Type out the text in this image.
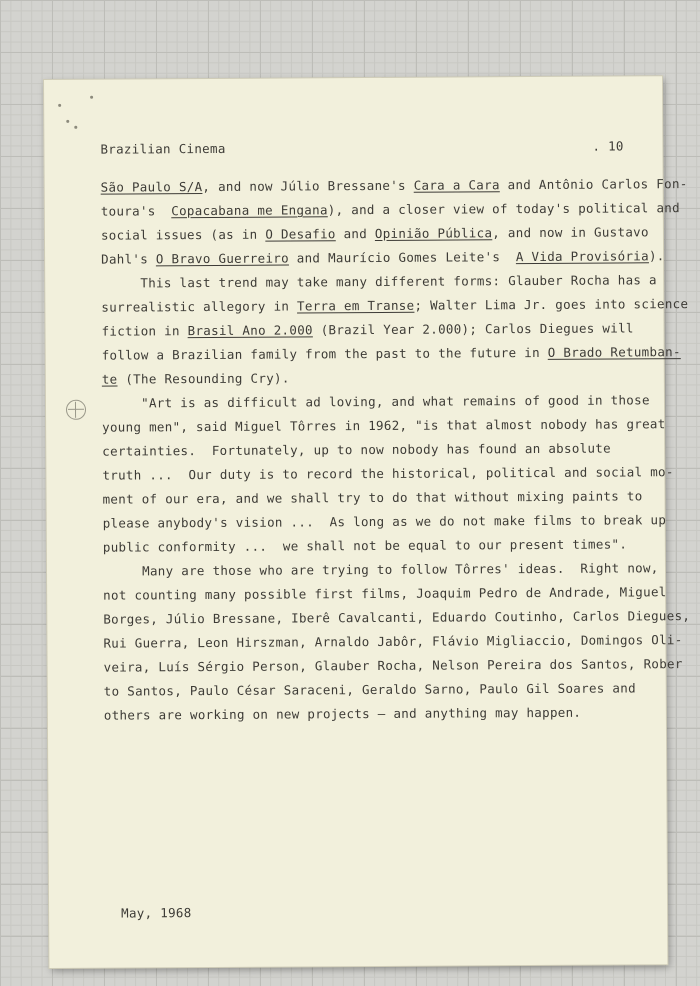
Brazilian Cinema	. 10
São Paulo S/A, and now Júlio Bressane's Cara a Cara and Antônio Carlos Fon-
toura's  Copacabana me Engana), and a closer view of today's political and
social issues (as in O Desafio and Opinião Pública, and now in Gustavo
Dahl's O Bravo Guerreiro and Maurício Gomes Leite's  A Vida Provisória).
This last trend may take many different forms: Glauber Rocha has a
surrealistic allegory in Terra em Transe; Walter Lima Jr. goes into science
fiction in Brasil Ano 2.000 (Brazil Year 2.000); Carlos Diegues will
follow a Brazilian family from the past to the future in O Brado Retumban-
te (The Resounding Cry).
"Art is as difficult ad loving, and what remains of good in those
young men", said Miguel Tôrres in 1962, "is that almost nobody has great
certainties.  Fortunately, up to now nobody has found an absolute
truth ...  Our duty is to record the historical, political and social mo-
ment of our era, and we shall try to do that without mixing paints to
please anybody's vision ...  As long as we do not make films to break up
public conformity ...  we shall not be equal to our present times".
Many are those who are trying to follow Tôrres' ideas.  Right now,
not counting many possible first films, Joaquim Pedro de Andrade, Miguel
Borges, Júlio Bressane, Iberê Cavalcanti, Eduardo Coutinho, Carlos Diegues,
Rui Guerra, Leon Hirszman, Arnaldo Jabôr, Flávio Migliaccio, Domingos Oli-
veira, Luís Sérgio Person, Glauber Rocha, Nelson Pereira dos Santos, Rober
to Santos, Paulo César Saraceni, Geraldo Sarno, Paulo Gil Soares and
others are working on new projects — and anything may happen.
May, 1968
